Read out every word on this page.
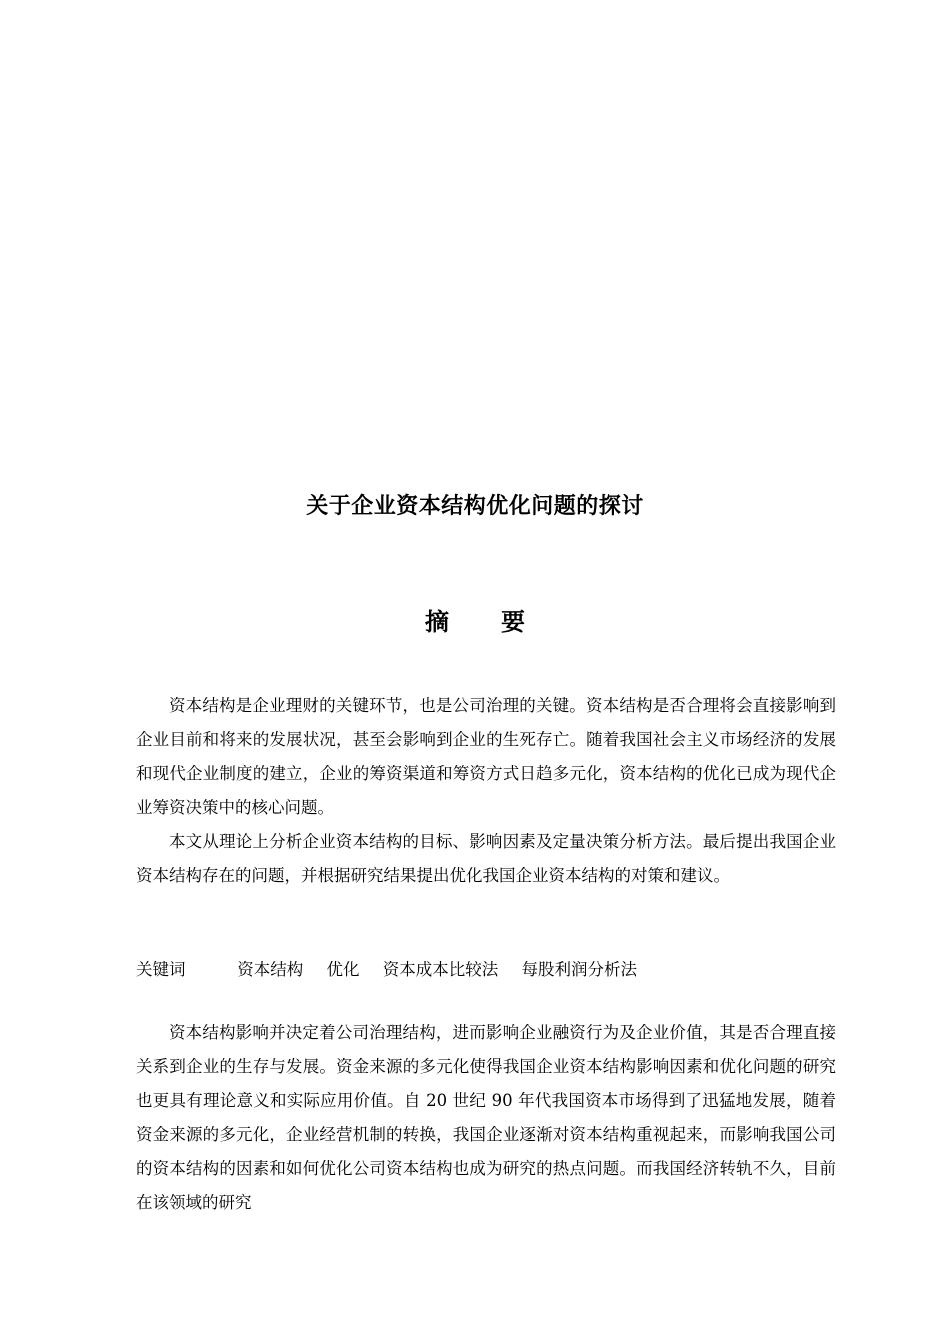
关于企业资本结构优化问题的探讨
摘要

资本结构是企业理财的关键环节，也是公司治理的关键。资本结构是否合理将会直接影响到企业目前和将来的发展状况，甚至会影响到企业的生死存亡。随着我国社会主义市场经济的发展和现代企业制度的建立，企业的筹资渠道和筹资方式日趋多元化，资本结构的优化已成为现代企业筹资决策中的核心问题。

本文从理论上分析企业资本结构的目标、影响因素及定量决策分析方法。最后提出我国企业资本结构存在的问题，并根据研究结果提出优化我国企业资本结构的对策和建议。

关键词	资本结构 优化 资本成本比较法 每股利润分析法

资本结构影响并决定着公司治理结构，进而影响企业融资行为及企业价值，其是否合理直接关系到企业的生存与发展。资金来源的多元化使得我国企业资本结构影响因素和优化问题的研究也更具有理论意义和实际应用价值。自 20 世纪 90 年代我国资本市场得到了迅猛地发展，随着资金来源的多元化，企业经营机制的转换，我国企业逐渐对资本结构重视起来，而影响我国公司的资本结构的因素和如何优化公司资本结构也成为研究的热点问题。而我国经济转轨不久，目前在该领域的研究
